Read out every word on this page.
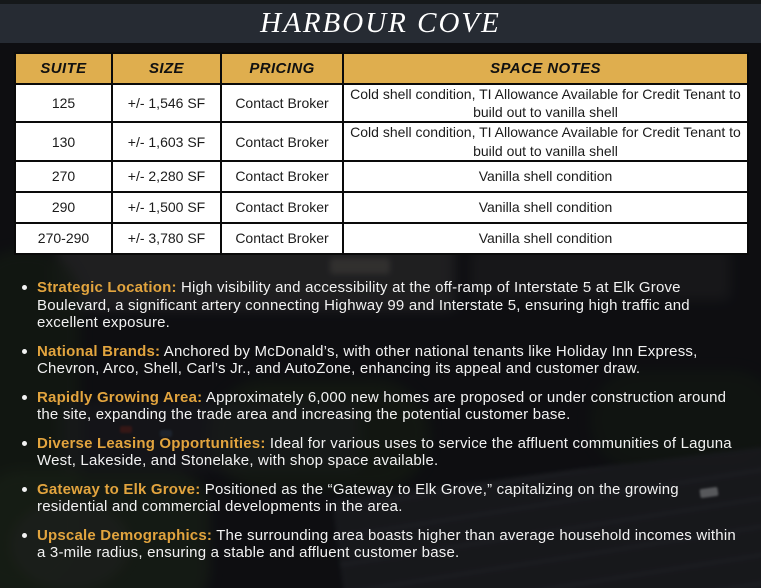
HARBOUR COVE
SUITE	SIZE	PRICING	SPACE NOTES
125	+/- 1,546 SF	Contact Broker	Cold shell condition, TI Allowance Available for Credit Tenant to build out to vanilla shell
130	+/- 1,603 SF	Contact Broker	Cold shell condition, TI Allowance Available for Credit Tenant to build out to vanilla shell
270	+/- 2,280 SF	Contact Broker	Vanilla shell condition
290	+/- 1,500 SF	Contact Broker	Vanilla shell condition
270-290	+/- 3,780 SF	Contact Broker	Vanilla shell condition

Strategic Location: High visibility and accessibility at the off-ramp of Interstate 5 at Elk Grove Boulevard, a significant artery connecting Highway 99 and Interstate 5, ensuring high traffic and excellent exposure.

National Brands: Anchored by McDonald’s, with other national tenants like Holiday Inn Express, Chevron, Arco, Shell, Carl’s Jr., and AutoZone, enhancing its appeal and customer draw.

Rapidly Growing Area: Approximately 6,000 new homes are proposed or under construction around the site, expanding the trade area and increasing the potential customer base.

Diverse Leasing Opportunities: Ideal for various uses to service the affluent communities of Laguna West, Lakeside, and Stonelake, with shop space available.

Gateway to Elk Grove: Positioned as the “Gateway to Elk Grove,” capitalizing on the growing residential and commercial developments in the area.

Upscale Demographics: The surrounding area boasts higher than average household incomes within a 3-mile radius, ensuring a stable and affluent customer base.
